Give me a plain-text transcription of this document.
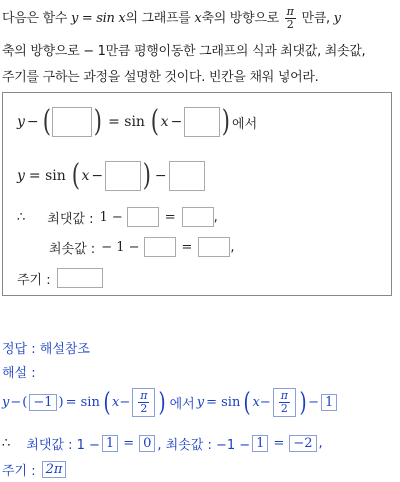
다음은 함수 y = sin x의 그래프를 x축의 방향으로 $\frac{\pi}{2}$ 만큼, y
축의 방향으로 − 1만큼 평행이동한 그래프의 식과 최댓값, 최솟값,
주기를 구하는 과정을 설명한 것이다. 빈칸을 채워 넣어라.
y − ( ) = sin ( x − ) 에서
y = sin ( x − ) −
∴ 최댓값 : 1 −	=	,
최솟값 : − 1 −	=	,
주기 :
정답 : 해설참조
해설 :
y − ( −1 ) = sin ( $x - \frac{\pi}{2}$ ) 에서 y = sin ( $x - \frac{\pi}{2}$ ) − 1
∴ 최댓값 : 1 − 1 = 0 , 최솟값 : −1 − 1 = −2 ,
주기 : 2π
